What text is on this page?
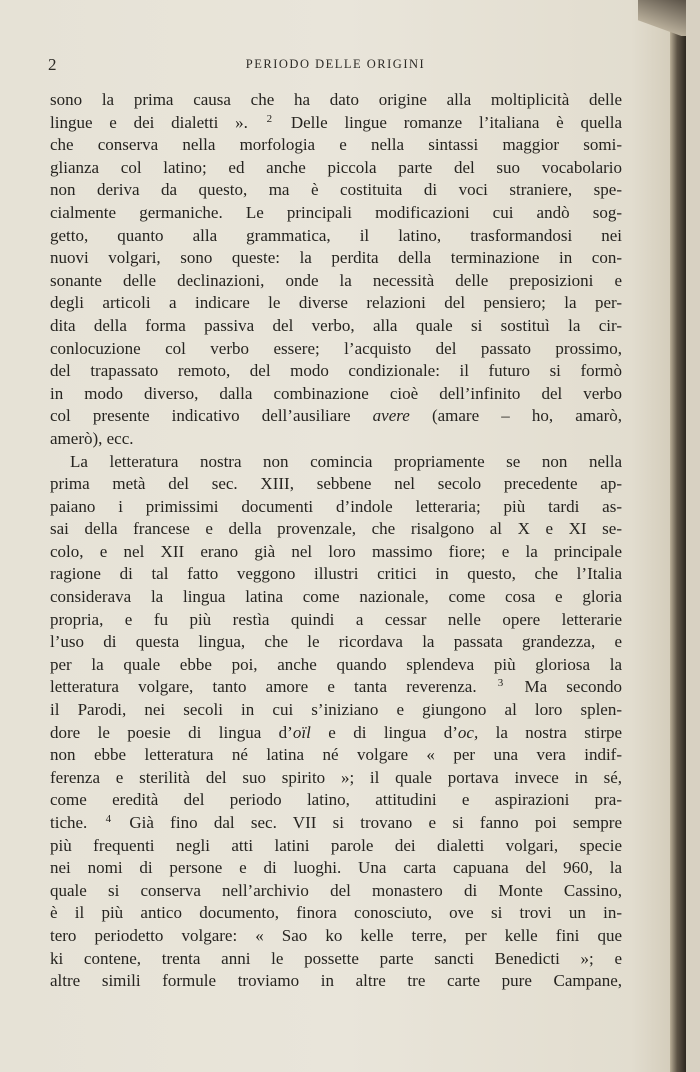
2	PERIODO DELLE ORIGINI
sono la prima causa che ha dato origine alla moltiplicità delle
lingue e dei dialetti ». $^2$ Delle lingue romanze l’italiana è quella
che conserva nella morfologia e nella sintassi maggior somi-
glianza col latino; ed anche piccola parte del suo vocabolario
non deriva da questo, ma è costituita di voci straniere, spe-
cialmente germaniche. Le principali modificazioni cui andò sog-
getto, quanto alla grammatica, il latino, trasformandosi nei
nuovi volgari, sono queste: la perdita della terminazione in con-
sonante delle declinazioni, onde la necessità delle preposizioni e
degli articoli a indicare le diverse relazioni del pensiero; la per-
dita della forma passiva del verbo, alla quale si sostituì la cir-
conlocuzione col verbo essere; l’acquisto del passato prossimo,
del trapassato remoto, del modo condizionale: il futuro si formò
in modo diverso, dalla combinazione cioè dell’infinito del verbo
col presente indicativo dell’ausiliare avere (amare – ho, amarò,
amerò), ecc.
La letteratura nostra non comincia propriamente se non nella
prima metà del sec. XIII, sebbene nel secolo precedente ap-
paiano i primissimi documenti d’indole letteraria; più tardi as-
sai della francese e della provenzale, che risalgono al X e XI se-
colo, e nel XII erano già nel loro massimo fiore; e la principale
ragione di tal fatto veggono illustri critici in questo, che l’Italia
considerava la lingua latina come nazionale, come cosa e gloria
propria, e fu più restìa quindi a cessar nelle opere letterarie
l’uso di questa lingua, che le ricordava la passata grandezza, e
per la quale ebbe poi, anche quando splendeva più gloriosa la
letteratura volgare, tanto amore e tanta reverenza. $^3$ Ma secondo
il Parodi, nei secoli in cui s’iniziano e giungono al loro splen-
dore le poesie di lingua d’oïl e di lingua d’oc, la nostra stirpe
non ebbe letteratura né latina né volgare « per una vera indif-
ferenza e sterilità del suo spirito »; il quale portava invece in sé,
come eredità del periodo latino, attitudini e aspirazioni pra-
tiche. $^4$ Già fino dal sec. VII si trovano e si fanno poi sempre
più frequenti negli atti latini parole dei dialetti volgari, specie
nei nomi di persone e di luoghi. Una carta capuana del 960, la
quale si conserva nell’archivio del monastero di Monte Cassino,
è il più antico documento, finora conosciuto, ove si trovi un in-
tero periodetto volgare: « Sao ko kelle terre, per kelle fini que
ki contene, trenta anni le possette parte sancti Benedicti »; e
altre simili formule troviamo in altre tre carte pure Campane,
